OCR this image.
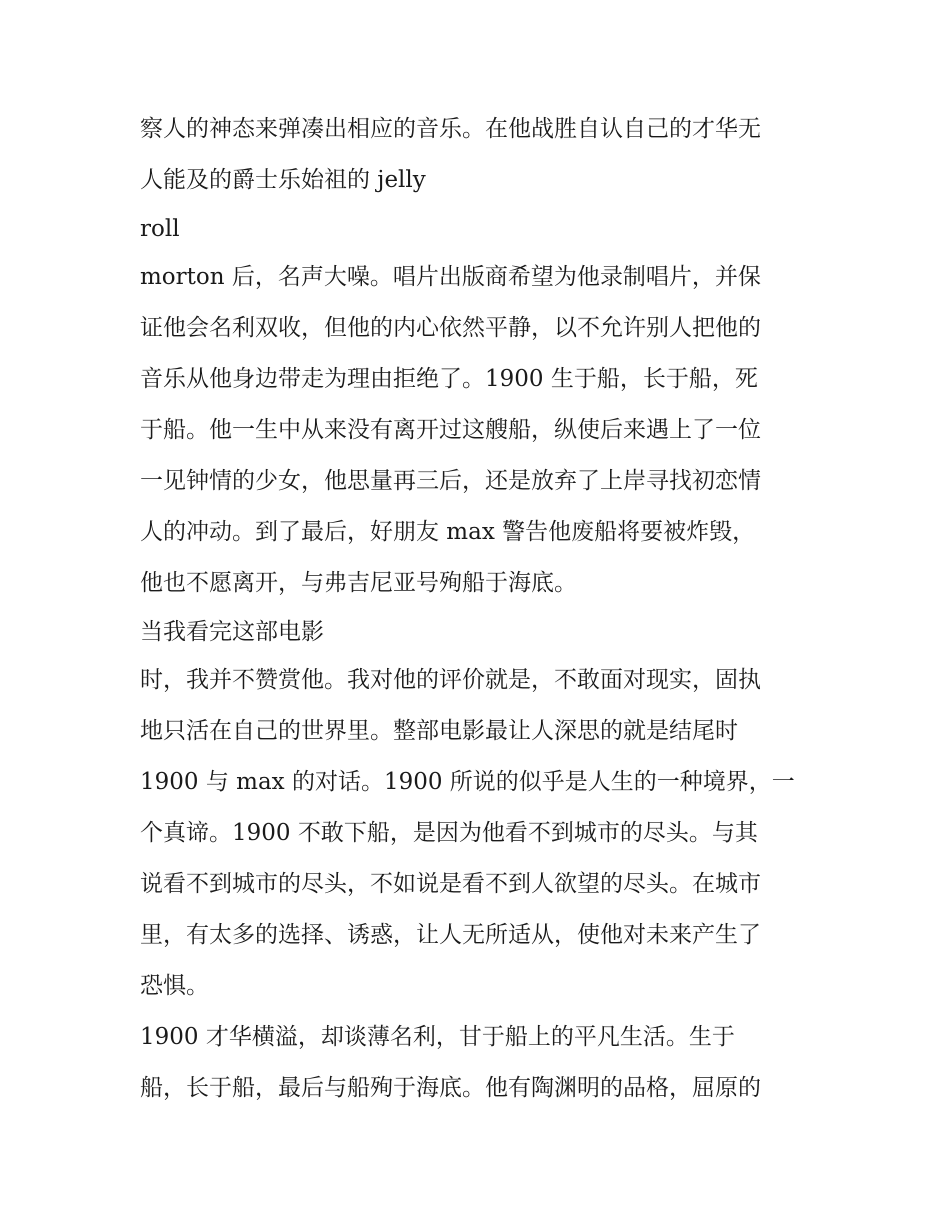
察人的神态来弹凑出相应的音乐。在他战胜自认自己的才华无

人能及的爵士乐始祖的 jelly

roll

morton 后，名声大噪。唱片出版商希望为他录制唱片，并保

证他会名利双收，但他的内心依然平静，以不允许别人把他的

音乐从他身边带走为理由拒绝了。1900 生于船，长于船，死

于船。他一生中从来没有离开过这艘船，纵使后来遇上了一位

一见钟情的少女，他思量再三后，还是放弃了上岸寻找初恋情

人的冲动。到了最后，好朋友 max 警告他废船将要被炸毁，

他也不愿离开，与弗吉尼亚号殉船于海底。

当我看完这部电影

时，我并不赞赏他。我对他的评价就是，不敢面对现实，固执

地只活在自己的世界里。整部电影最让人深思的就是结尾时

1900 与 max 的对话。1900 所说的似乎是人生的一种境界，一

个真谛。1900 不敢下船，是因为他看不到城市的尽头。与其

说看不到城市的尽头，不如说是看不到人欲望的尽头。在城市

里，有太多的选择、诱惑，让人无所适从，使他对未来产生了

恐惧。

1900 才华横溢，却谈薄名利，甘于船上的平凡生活。生于

船，长于船，最后与船殉于海底。他有陶渊明的品格，屈原的
